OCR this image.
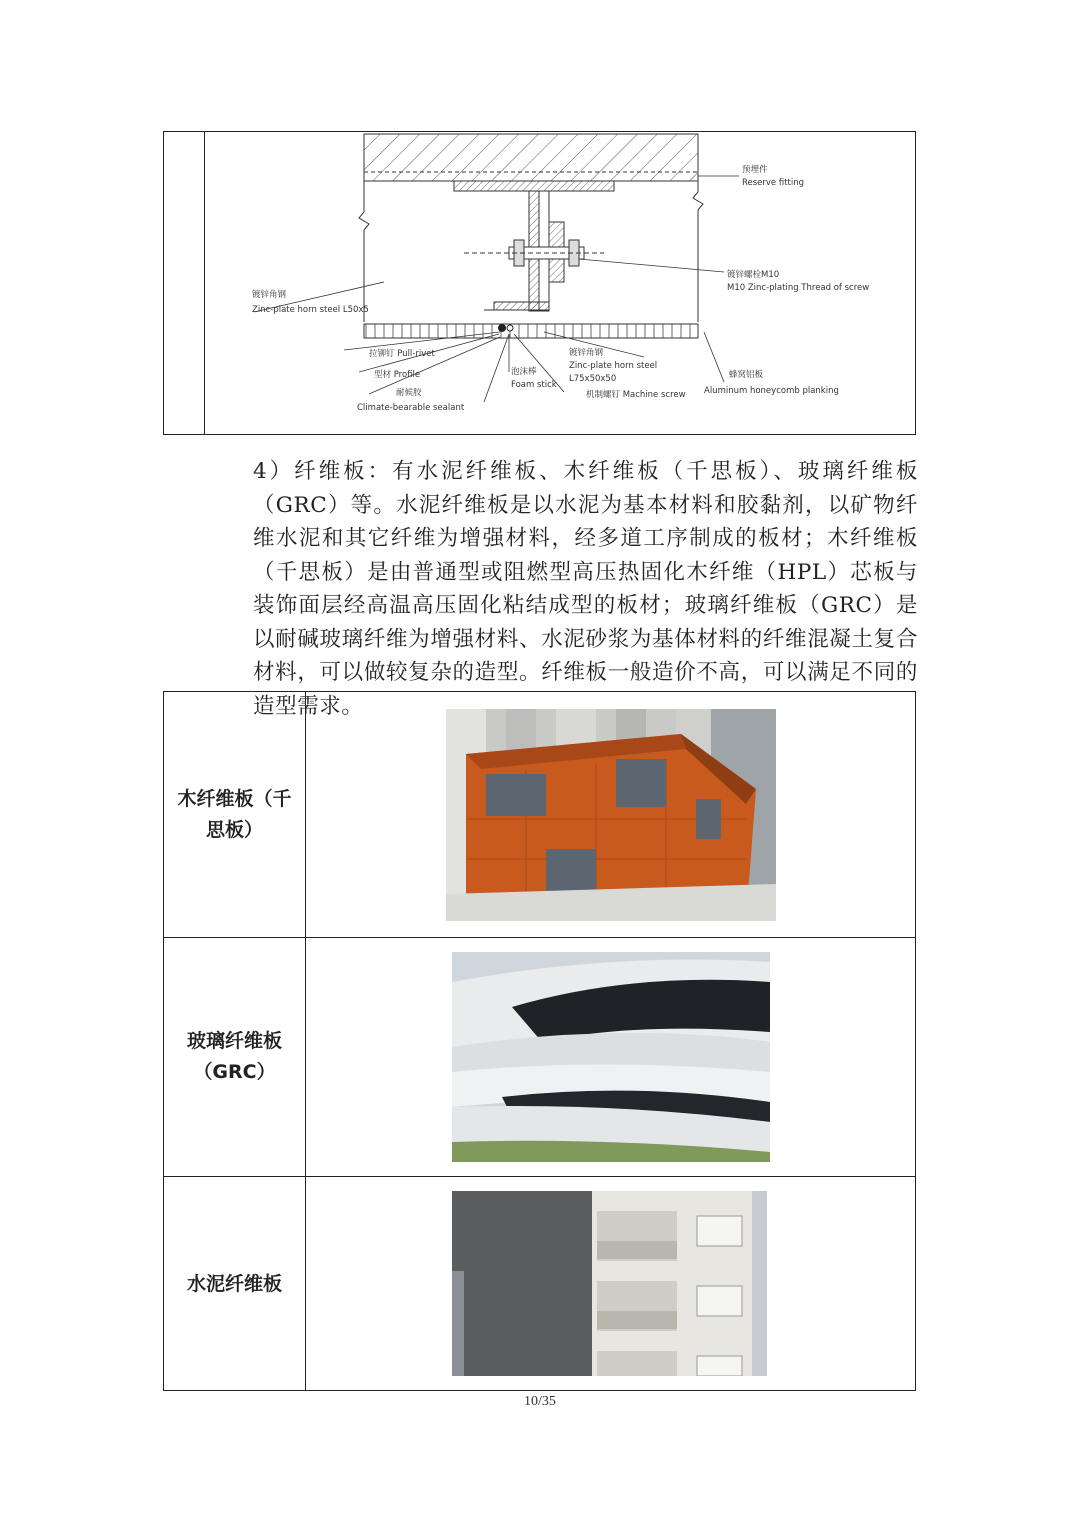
预埋件
Reserve fitting
镀锌螺栓M10
M10 Zinc-plating Thread of screw
镀锌角钢
Zinc-plate horn steel L50x5
拉铆钉 Pull-rivet
型材 Profile
耐候胶
Climate-bearable sealant
泡沫棒
Foam stick
镀锌角钢
Zinc-plate horn steel
L75x50x50
机制螺钉 Machine screw
蜂窝铝板
Aluminum honeycomb planking

4）纤维板：有水泥纤维板、木纤维板（千思板）、玻璃纤维板（GRC）等。水泥纤维板是以水泥为基本材料和胶黏剂，以矿物纤维水泥和其它纤维为增强材料，经多道工序制成的板材；木纤维板（千思板）是由普通型或阻燃型高压热固化木纤维（HPL）芯板与装饰面层经高温高压固化粘结成型的板材；玻璃纤维板（GRC）是以耐碱玻璃纤维为增强材料、水泥砂浆为基体材料的纤维混凝土复合材料，可以做较复杂的造型。纤维板一般造价不高，可以满足不同的造型需求。

木纤维板（千思板）
玻璃纤维板（GRC）
水泥纤维板
10/35
